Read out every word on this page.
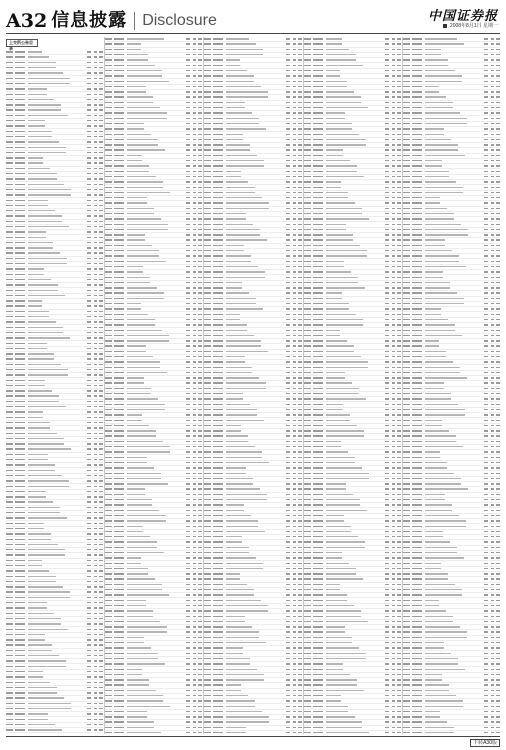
A32 信息披露 Disclosure	中国证券报
2008年8月1日 星期一
上交所公告目录
下转A30版
